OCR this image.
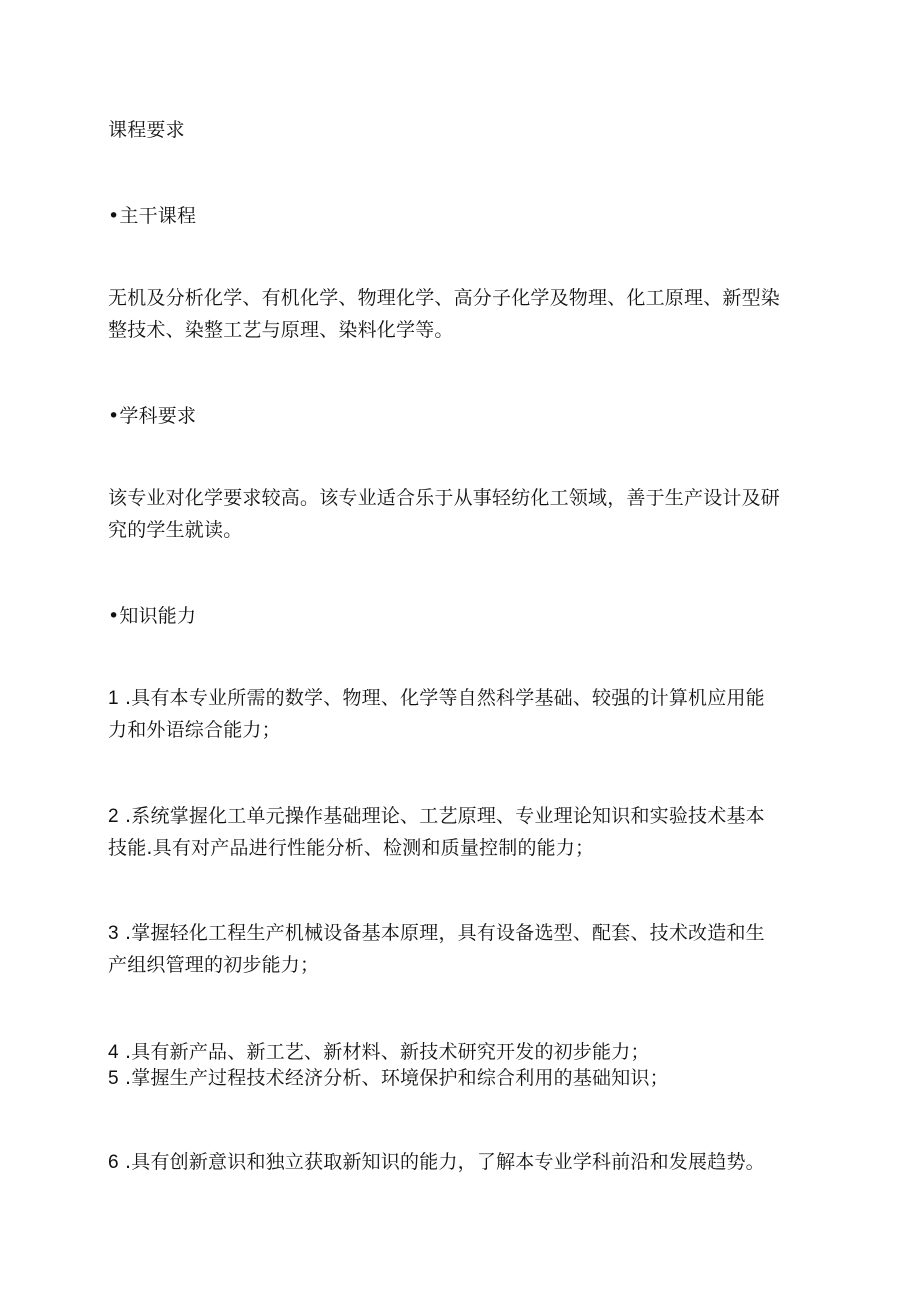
课程要求
•主干课程
无机及分析化学、有机化学、物理化学、高分子化学及物理、化工原理、新型染
整技术、染整工艺与原理、染料化学等。
•学科要求
该专业对化学要求较高。该专业适合乐于从事轻纺化工领域，善于生产设计及研
究的学生就读。
•知识能力
1 .具有本专业所需的数学、物理、化学等自然科学基础、较强的计算机应用能
力和外语综合能力；
2 .系统掌握化工单元操作基础理论、工艺原理、专业理论知识和实验技术基本
技能.具有对产品进行性能分析、检测和质量控制的能力；
3 .掌握轻化工程生产机械设备基本原理，具有设备选型、配套、技术改造和生
产组织管理的初步能力；
4 .具有新产品、新工艺、新材料、新技术研究开发的初步能力；
5 .掌握生产过程技术经济分析、环境保护和综合利用的基础知识；
6 .具有创新意识和独立获取新知识的能力，了解本专业学科前沿和发展趋势。
